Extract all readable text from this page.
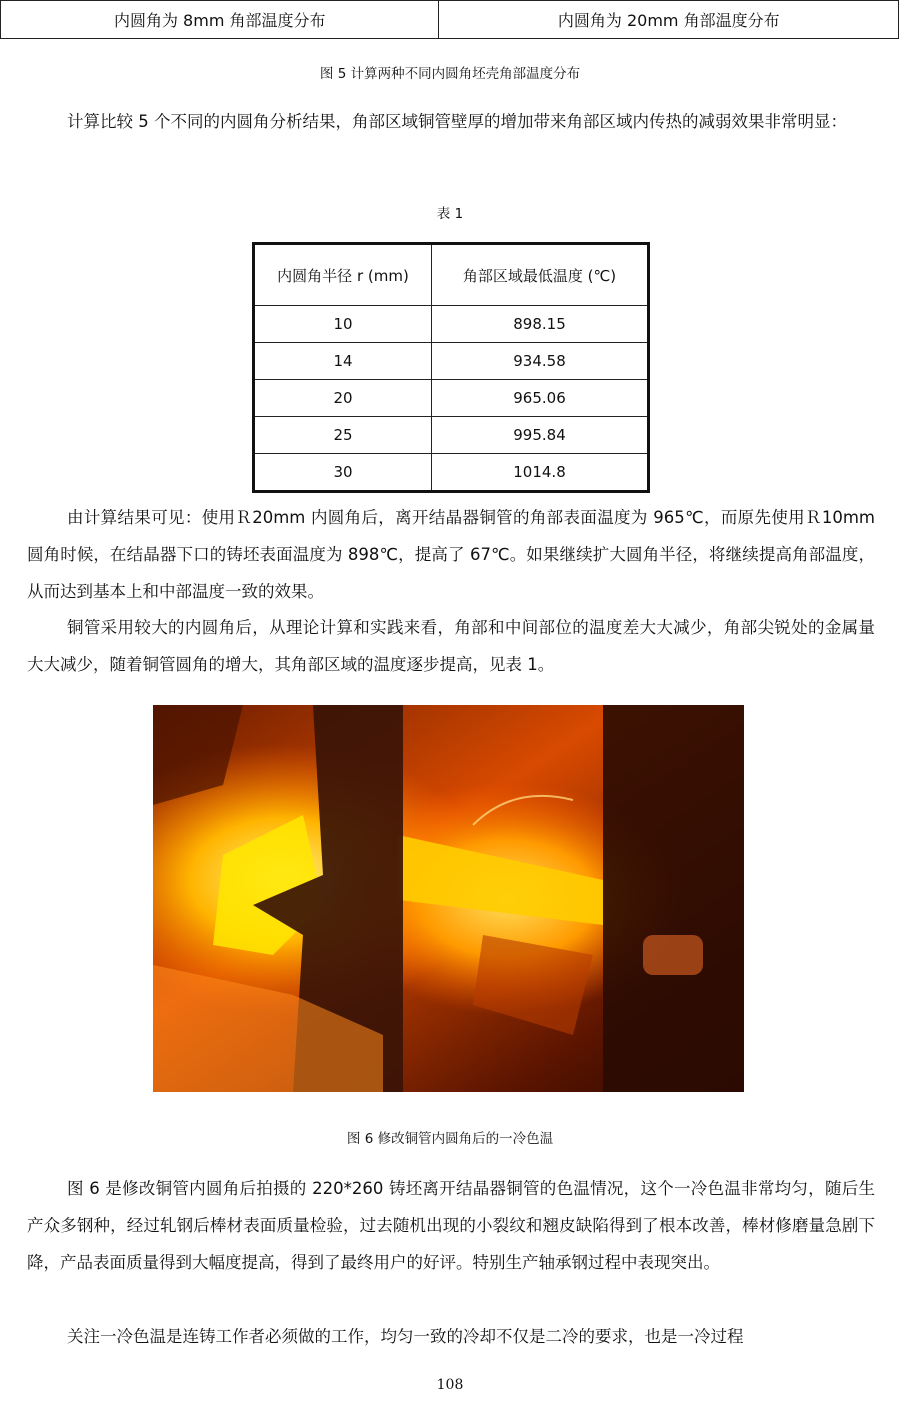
内圆角为 8mm 角部温度分布	内圆角为 20mm 角部温度分布
图 5 计算两种不同内圆角坯壳角部温度分布

计算比较 5 个不同的内圆角分析结果，角部区域铜管壁厚的增加带来角部区域内传热的减弱效果非常明显：

表 1
内圆角半径 r (mm)	角部区域最低温度 (℃)
10	898.15
14	934.58
20	965.06
25	995.84
30	1014.8

由计算结果可见：使用Ｒ20mm 内圆角后，离开结晶器铜管的角部表面温度为 965℃，而原先使用Ｒ10mm 圆角时候，在结晶器下口的铸坯表面温度为 898℃，提高了 67℃。如果继续扩大圆角半径，将继续提高角部温度，从而达到基本上和中部温度一致的效果。

铜管采用较大的内圆角后，从理论计算和实践来看，角部和中间部位的温度差大大减少，角部尖锐处的金属量大大减少，随着铜管圆角的增大，其角部区域的温度逐步提高，见表 1。

图 6 修改铜管内圆角后的一冷色温

图 6 是修改铜管内圆角后拍摄的 220*260 铸坯离开结晶器铜管的色温情况，这个一冷色温非常均匀，随后生产众多钢种，经过轧钢后棒材表面质量检验，过去随机出现的小裂纹和翘皮缺陷得到了根本改善，棒材修磨量急剧下降，产品表面质量得到大幅度提高，得到了最终用户的好评。特别生产轴承钢过程中表现突出。

关注一冷色温是连铸工作者必须做的工作，均匀一致的冷却不仅是二冷的要求，也是一冷过程

108
